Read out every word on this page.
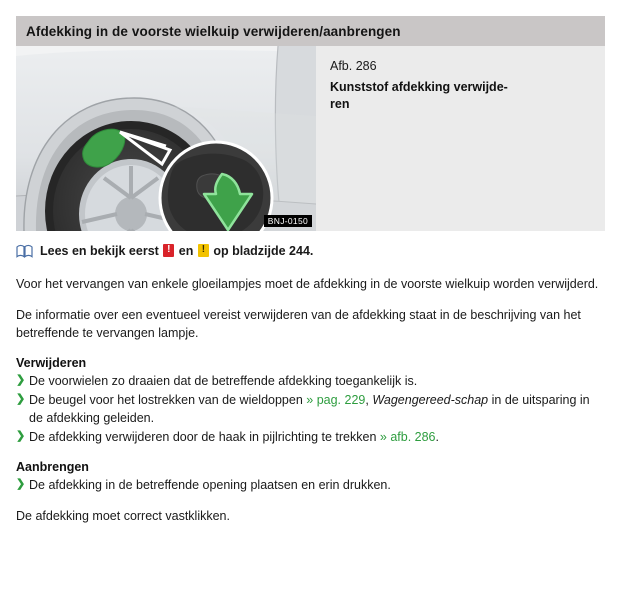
Afdekking in de voorste wielkuip verwijderen/aanbrengen
BNJ-0150

Afb. 286

Kunststof afdekking verwijde-
ren

Lees en bekijk eerst ! en ! op bladzijde 244.

Voor het vervangen van enkele gloeilampjes moet de afdekking in de voorste wielkuip worden verwijderd.

De informatie over een eventueel vereist verwijderen van de afdekking staat in de beschrijving van het betreffende te vervangen lampje.

Verwijderen
❯ De voorwielen zo draaien dat de betreffende afdekking toegankelijk is.
❯ De beugel voor het lostrekken van de wieldoppen » pag. 229, Wagengereed-schap in de uitsparing in de afdekking geleiden.
❯ De afdekking verwijderen door de haak in pijlrichting te trekken » afb. 286.
Aanbrengen
❯ De afdekking in de betreffende opening plaatsen en erin drukken.

De afdekking moet correct vastklikken.
